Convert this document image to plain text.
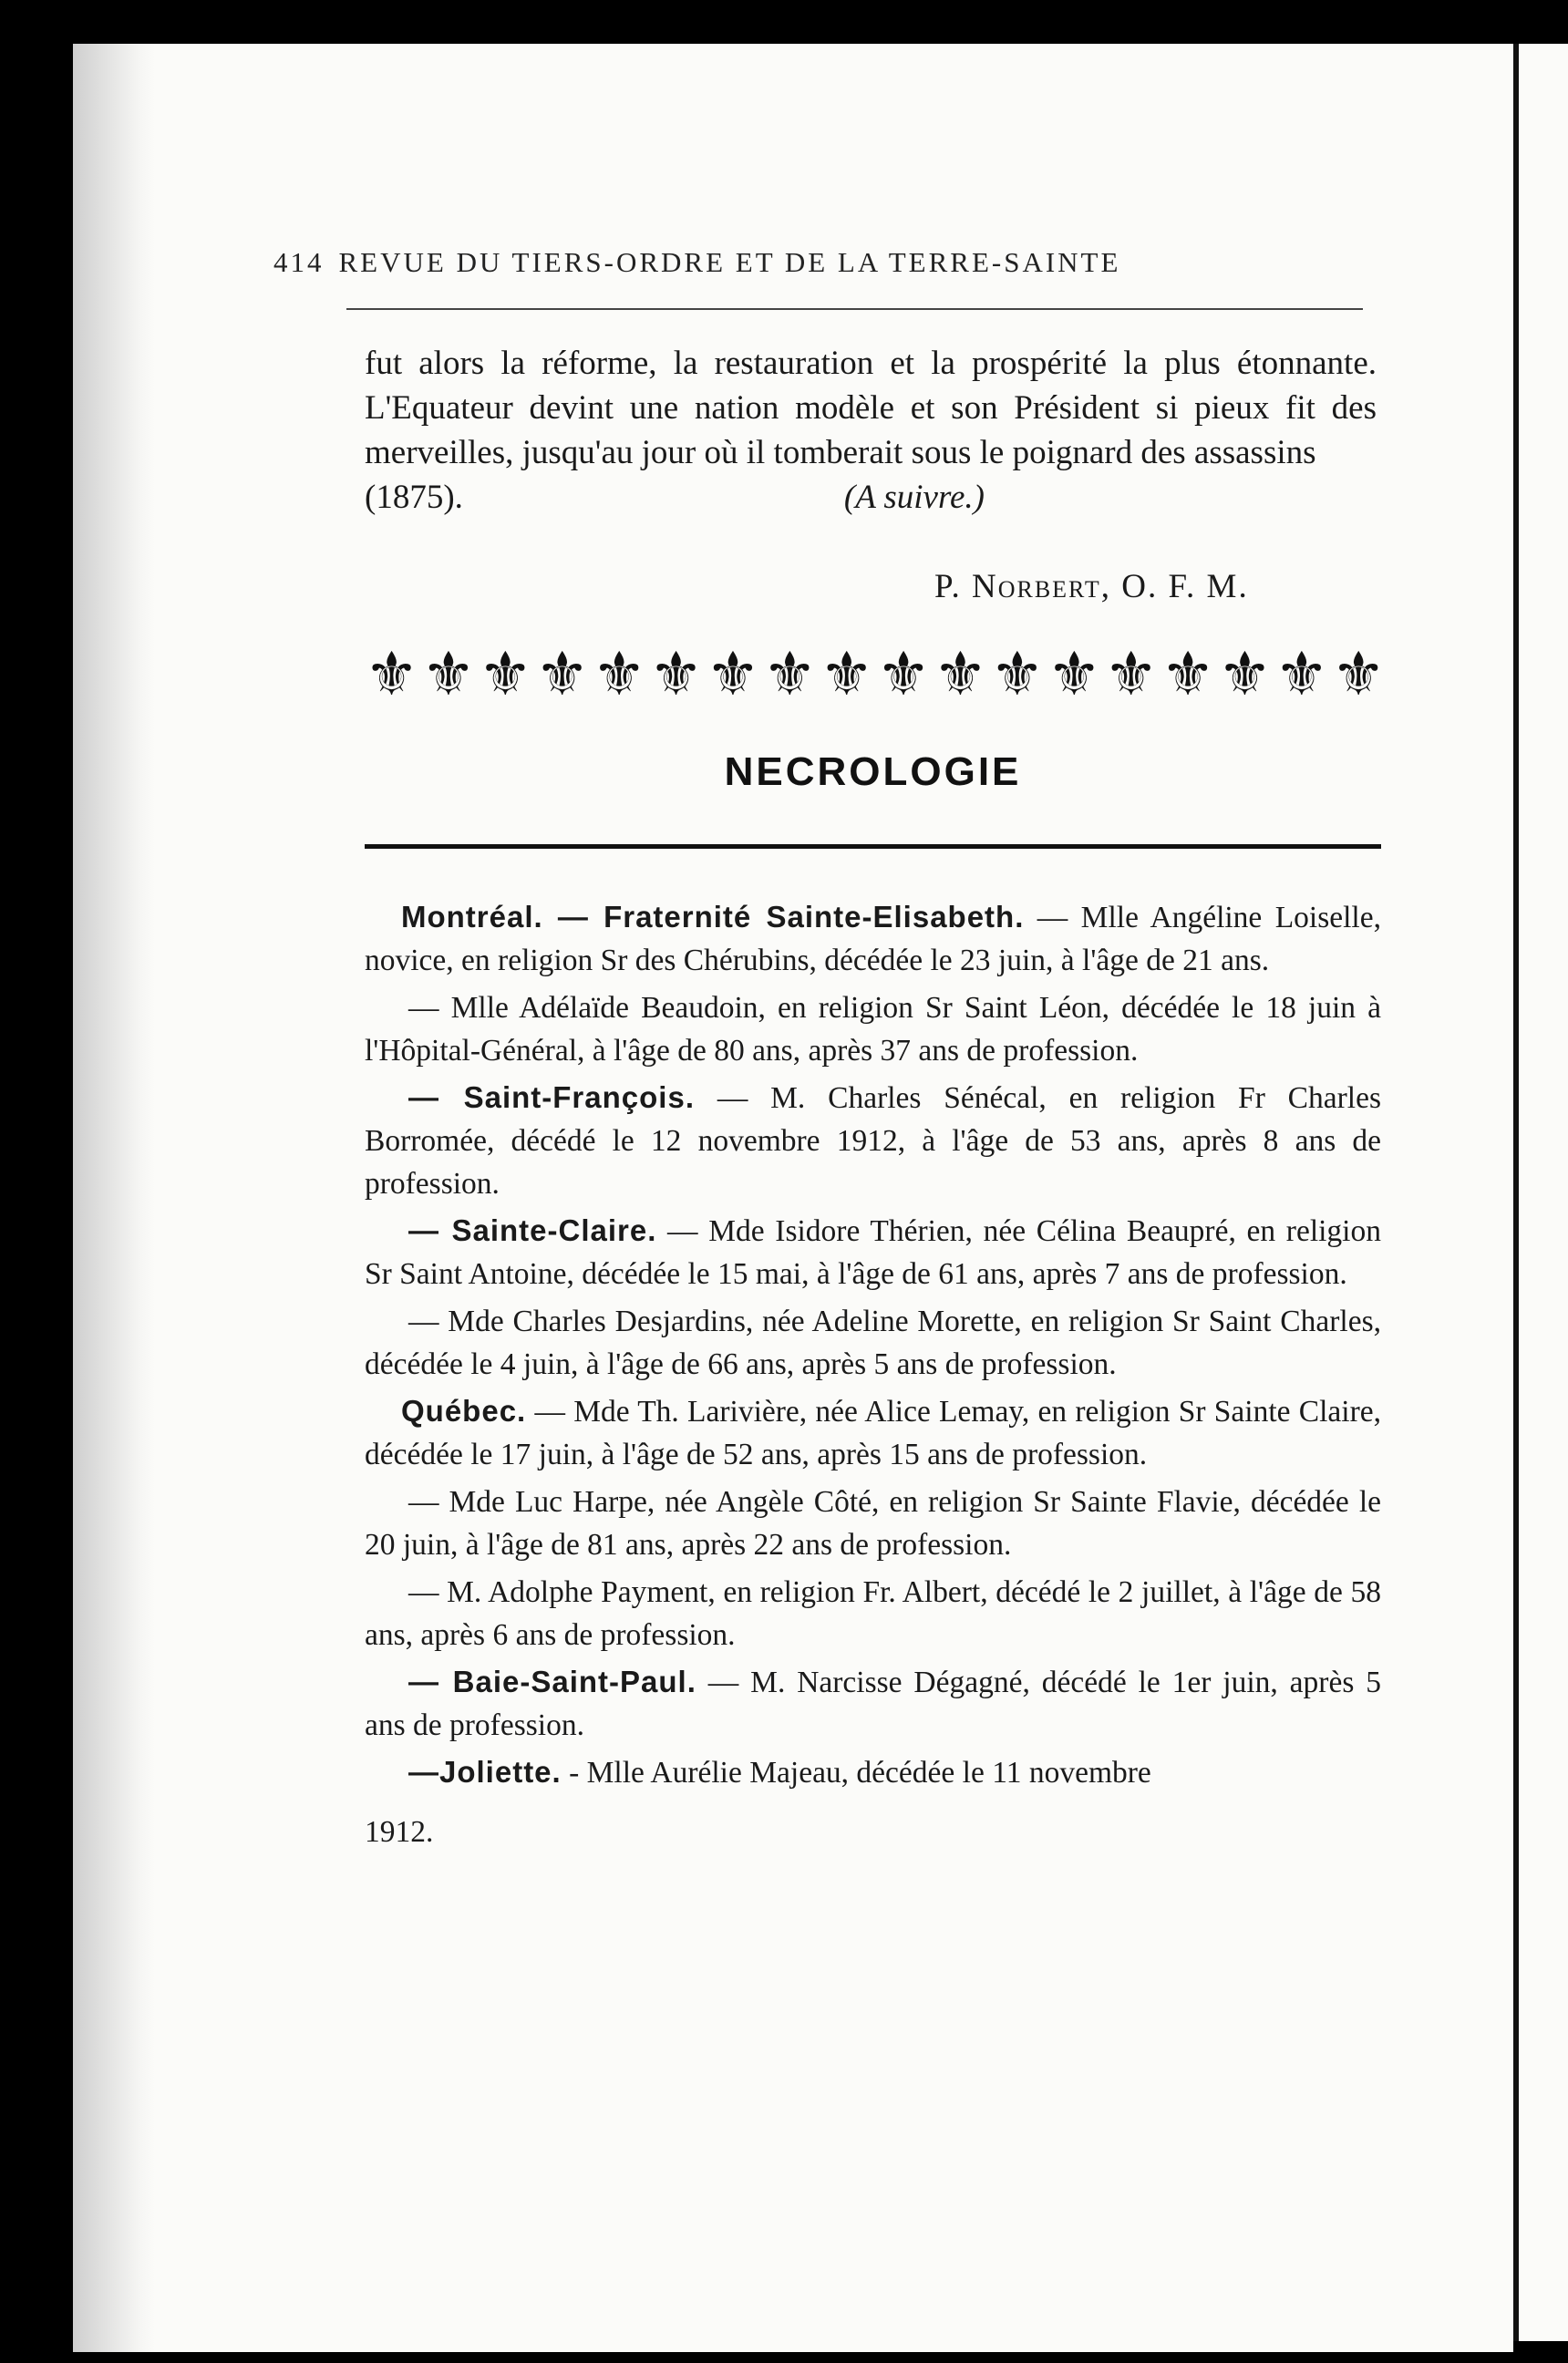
414 REVUE DU TIERS-ORDRE ET DE LA TERRE-SAINTE

fut alors la réforme, la restauration et la prospérité la plus étonnante. L'Equateur devint une nation modèle et son Président si pieux fit des merveilles, jusqu'au jour où il tomberait sous le poignard des assassins

(1875).	(A suivre.)
P. Norbert, O. F. M.
⚜ ⚜ ⚜ ⚜ ⚜ ⚜ ⚜ ⚜ ⚜ ⚜ ⚜ ⚜ ⚜ ⚜ ⚜ ⚜ ⚜ ⚜
NECROLOGIE

Montréal. — Fraternité Sainte-Elisabeth. — Mlle Angéline Loiselle, novice, en religion Sr des Chérubins, décédée le 23 juin, à l'âge de 21 ans.

— Mlle Adélaïde Beaudoin, en religion Sr Saint Léon, décédée le 18 juin à l'Hôpital-Général, à l'âge de 80 ans, après 37 ans de profession.

— Saint-François. — M. Charles Sénécal, en religion Fr Charles Borromée, décédé le 12 novembre 1912, à l'âge de 53 ans, après 8 ans de profession.

— Sainte-Claire. — Mde Isidore Thérien, née Célina Beaupré, en religion Sr Saint Antoine, décédée le 15 mai, à l'âge de 61 ans, après 7 ans de profession.

— Mde Charles Desjardins, née Adeline Morette, en religion Sr Saint Charles, décédée le 4 juin, à l'âge de 66 ans, après 5 ans de profession.

Québec. — Mde Th. Larivière, née Alice Lemay, en religion Sr Sainte Claire, décédée le 17 juin, à l'âge de 52 ans, après 15 ans de profession.

— Mde Luc Harpe, née Angèle Côté, en religion Sr Sainte Flavie, décédée le 20 juin, à l'âge de 81 ans, après 22 ans de profession.

— M. Adolphe Payment, en religion Fr. Albert, décédé le 2 juillet, à l'âge de 58 ans, après 6 ans de profession.

— Baie-Saint-Paul. — M. Narcisse Dégagné, décédé le 1er juin, après 5 ans de profession.

—Joliette. - Mlle Aurélie Majeau, décédée le 11 novembre

1912.
